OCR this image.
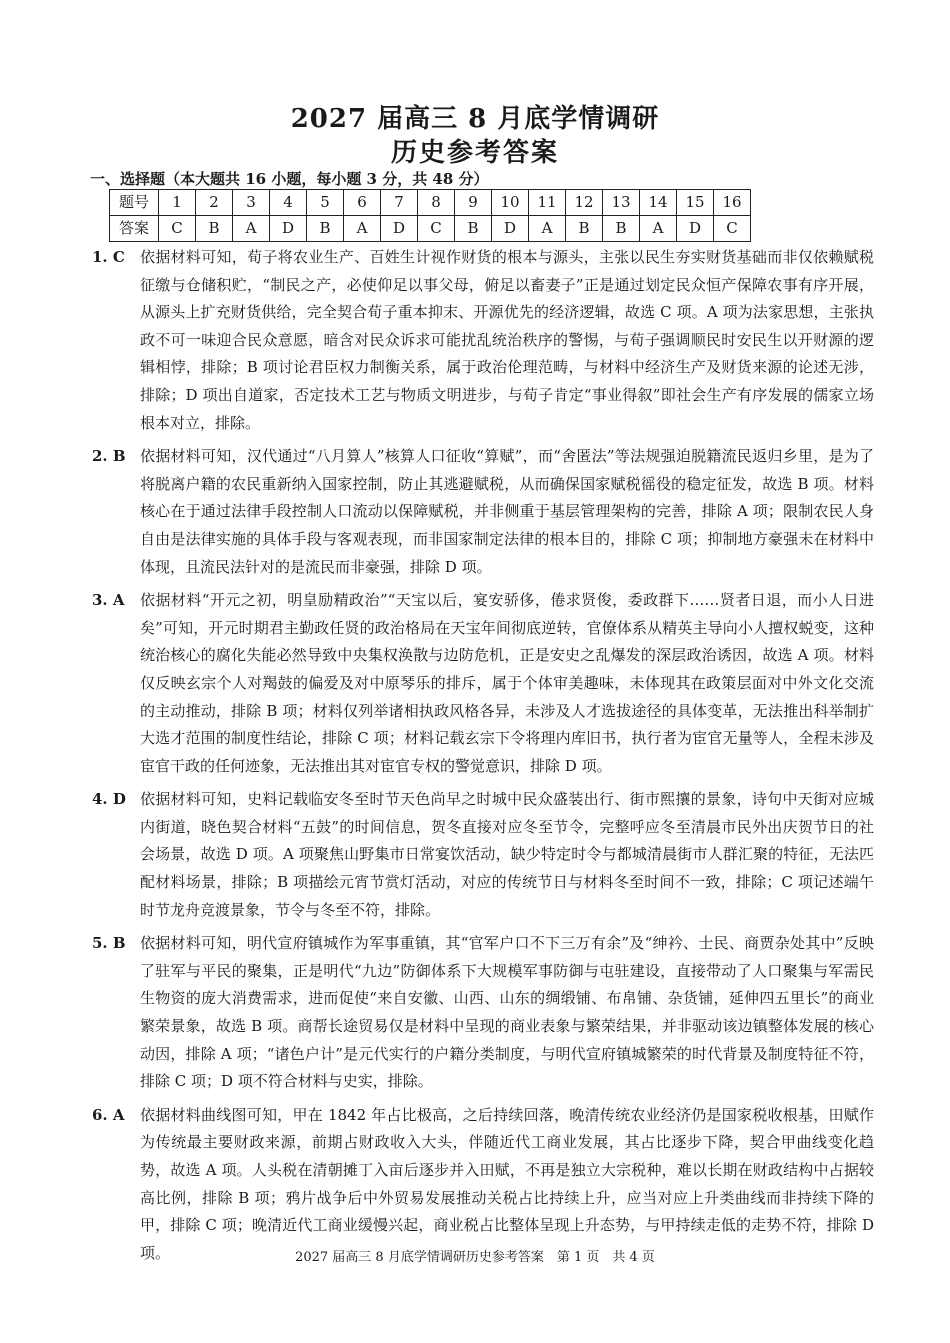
2027 届高三 8 月底学情调研
历史参考答案
一、选择题（本大题共 16 小题，每小题 3 分，共 48 分）
题号	1	2	3	4	5	6	7	8	9	10	11	12	13	14	15	16
答案	C	B	A	D	B	A	D	C	B	D	A	B	B	A	D	C
1. C 依据材料可知，荀子将农业生产、百姓生计视作财货的根本与源头，主张以民生夯实财货基础而非仅依赖赋税征缴与仓储积贮，“制民之产，必使仰足以事父母，俯足以畜妻子”正是通过划定民众恒产保障农事有序开展，从源头上扩充财货供给，完全契合荀子重本抑末、开源优先的经济逻辑，故选 C 项。A 项为法家思想，主张执政不可一味迎合民众意愿，暗含对民众诉求可能扰乱统治秩序的警惕，与荀子强调顺民时安民生以开财源的逻辑相悖，排除；B 项讨论君臣权力制衡关系，属于政治伦理范畴，与材料中经济生产及财货来源的论述无涉，排除；D 项出自道家，否定技术工艺与物质文明进步，与荀子肯定“事业得叙”即社会生产有序发展的儒家立场根本对立，排除。
2. B 依据材料可知，汉代通过“八月算人”核算人口征收“算赋”，而“舍匿法”等法规强迫脱籍流民返归乡里，是为了将脱离户籍的农民重新纳入国家控制，防止其逃避赋税，从而确保国家赋税徭役的稳定征发，故选 B 项。材料核心在于通过法律手段控制人口流动以保障赋税，并非侧重于基层管理架构的完善，排除 A 项；限制农民人身自由是法律实施的具体手段与客观表现，而非国家制定法律的根本目的，排除 C 项；抑制地方豪强未在材料中体现，且流民法针对的是流民而非豪强，排除 D 项。
3. A 依据材料“开元之初，明皇励精政治”“天宝以后，宴安骄侈，倦求贤俊，委政群下……贤者日退，而小人日进矣”可知，开元时期君主勤政任贤的政治格局在天宝年间彻底逆转，官僚体系从精英主导向小人擅权蜕变，这种统治核心的腐化失能必然导致中央集权涣散与边防危机，正是安史之乱爆发的深层政治诱因，故选 A 项。材料仅反映玄宗个人对羯鼓的偏爱及对中原琴乐的排斥，属于个体审美趣味，未体现其在政策层面对中外文化交流的主动推动，排除 B 项；材料仅列举诸相执政风格各异，未涉及人才选拔途径的具体变革，无法推出科举制扩大选才范围的制度性结论，排除 C 项；材料记载玄宗下令将理内库旧书，执行者为宦官无量等人，全程未涉及宦官干政的任何迹象，无法推出其对宦官专权的警觉意识，排除 D 项。
4. D 依据材料可知，史料记载临安冬至时节天色尚早之时城中民众盛装出行、街市熙攘的景象，诗句中天街对应城内街道，晓色契合材料“五鼓”的时间信息，贺冬直接对应冬至节令，完整呼应冬至清晨市民外出庆贺节日的社会场景，故选 D 项。A 项聚焦山野集市日常宴饮活动，缺少特定时令与都城清晨街市人群汇聚的特征，无法匹配材料场景，排除；B 项描绘元宵节赏灯活动，对应的传统节日与材料冬至时间不一致，排除；C 项记述端午时节龙舟竞渡景象，节令与冬至不符，排除。
5. B 依据材料可知，明代宣府镇城作为军事重镇，其“官军户口不下三万有余”及“绅衿、士民、商贾杂处其中”反映了驻军与平民的聚集，正是明代“九边”防御体系下大规模军事防御与屯驻建设，直接带动了人口聚集与军需民生物资的庞大消费需求，进而促使“来自安徽、山西、山东的绸缎铺、布帛铺、杂货铺，延伸四五里长”的商业繁荣景象，故选 B 项。商帮长途贸易仅是材料中呈现的商业表象与繁荣结果，并非驱动该边镇整体发展的核心动因，排除 A 项；“诸色户计”是元代实行的户籍分类制度，与明代宣府镇城繁荣的时代背景及制度特征不符，排除 C 项；D 项不符合材料与史实，排除。
6. A 依据材料曲线图可知，甲在 1842 年占比极高，之后持续回落，晚清传统农业经济仍是国家税收根基，田赋作为传统最主要财政来源，前期占财政收入大头，伴随近代工商业发展，其占比逐步下降，契合甲曲线变化趋势，故选 A 项。人头税在清朝摊丁入亩后逐步并入田赋，不再是独立大宗税种，难以长期在财政结构中占据较高比例，排除 B 项；鸦片战争后中外贸易发展推动关税占比持续上升，应当对应上升类曲线而非持续下降的甲，排除 C 项；晚清近代工商业缓慢兴起，商业税占比整体呈现上升态势，与甲持续走低的走势不符，排除 D 项。	2027 届高三 8 月底学情调研历史参考答案　第 1 页　共 4 页
